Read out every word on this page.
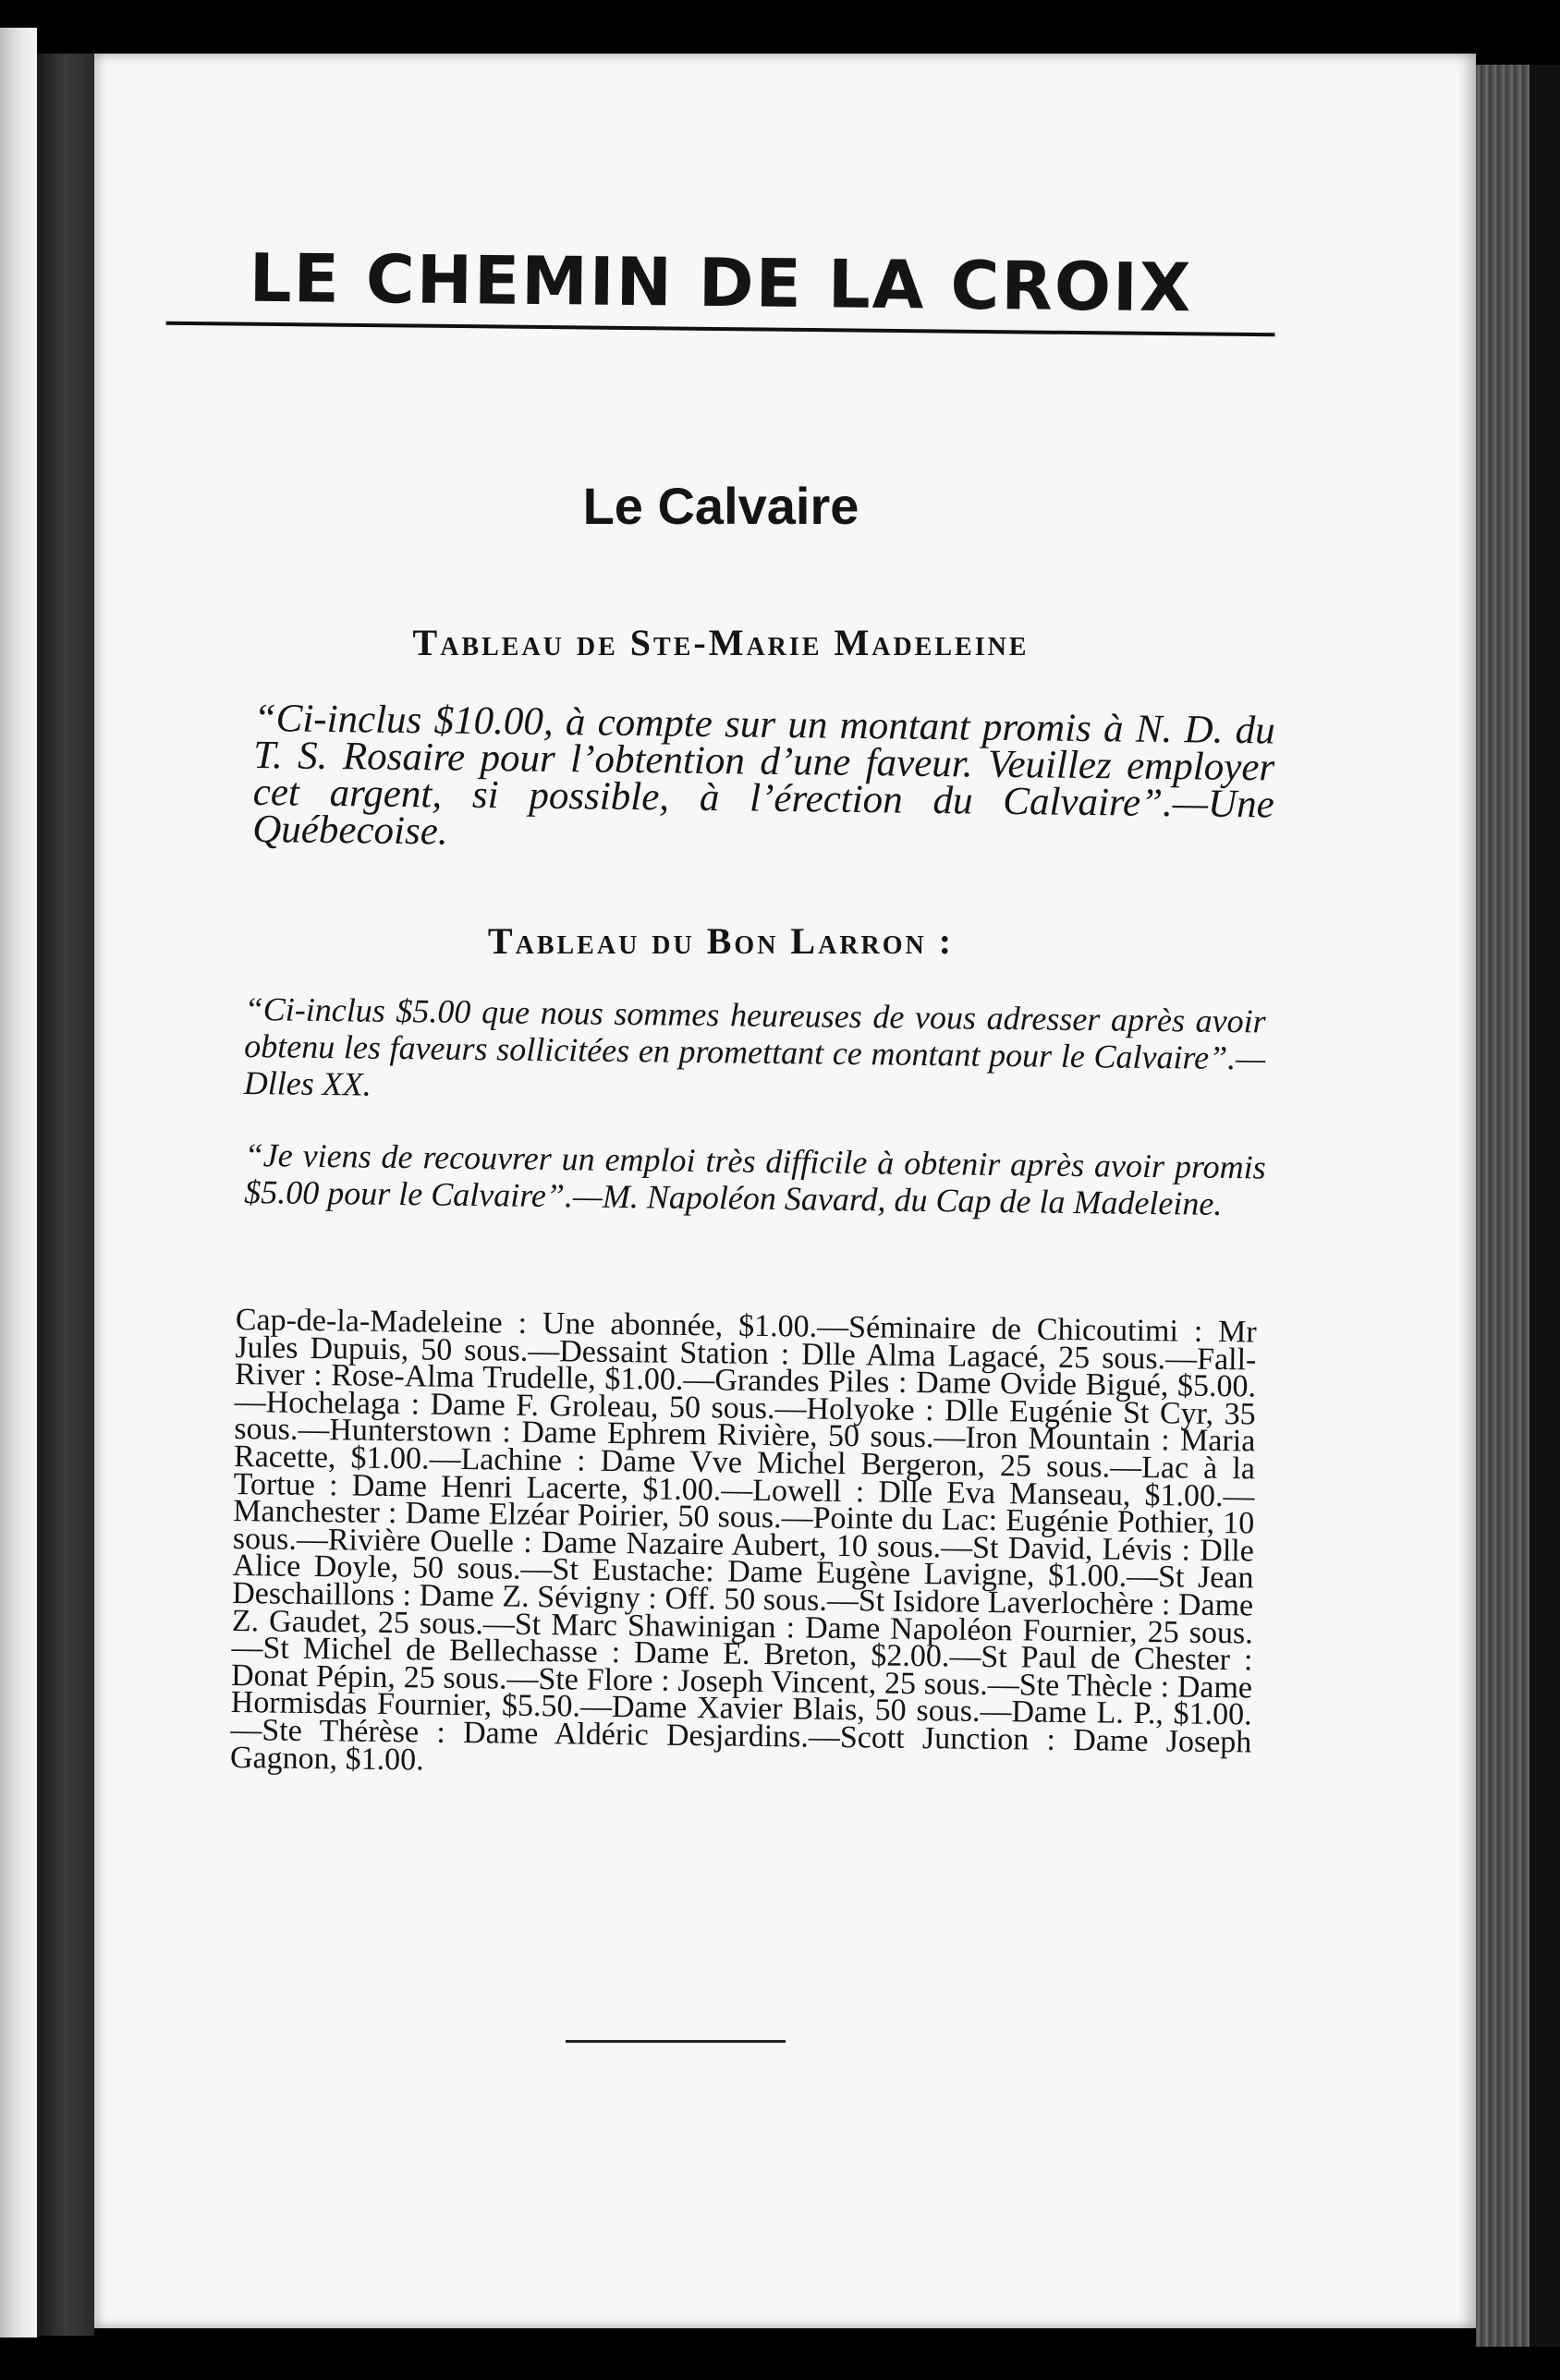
LE CHEMIN DE LA CROIX
Le Calvaire
Tableau de Ste-Marie Madeleine

“Ci-inclus $10.00, à compte sur un montant promis à N. D. du T. S. Rosaire pour l’obtention d’une faveur. Veuillez employer cet argent, si possible, à l’érection du Calvaire”.—Une Québecoise.

Tableau du Bon Larron :

“Ci-inclus $5.00 que nous sommes heureuses de vous adresser après avoir obtenu les faveurs sollicitées en promettant ce montant pour le Calvaire”.—Dlles XX.

“Je viens de recouvrer un emploi très difficile à obtenir après avoir promis $5.00 pour le Calvaire”.—M. Napoléon Savard, du Cap de la Madeleine.

Cap-de-la-Madeleine : Une abonnée, $1.00.—Séminaire de Chicoutimi : Mr Jules Dupuis, 50 sous.—Dessaint Station : Dlle Alma Lagacé, 25 sous.—Fall-River : Rose-Alma Trudelle, $1.00.—Grandes Piles : Dame Ovide Bigué, $5.00.—Hochelaga : Dame F. Groleau, 50 sous.—Holyoke : Dlle Eugénie St Cyr, 35 sous.—Hunterstown : Dame Ephrem Rivière, 50 sous.—Iron Mountain : Maria Racette, $1.00.—Lachine : Dame Vve Michel Bergeron, 25 sous.—Lac à la Tortue : Dame Henri Lacerte, $1.00.—Lowell : Dlle Eva Manseau, $1.00.—Manchester : Dame Elzéar Poirier, 50 sous.—Pointe du Lac: Eugénie Pothier, 10 sous.—Rivière Ouelle : Dame Nazaire Aubert, 10 sous.—St David, Lévis : Dlle Alice Doyle, 50 sous.—St Eustache: Dame Eugène Lavigne, $1.00.—St Jean Deschaillons : Dame Z. Sévigny : Off. 50 sous.—St Isidore Laverlochère : Dame Z. Gaudet, 25 sous.—St Marc Shawinigan : Dame Napoléon Fournier, 25 sous.—St Michel de Bellechasse : Dame E. Breton, $2.00.—St Paul de Chester : Donat Pépin, 25 sous.—Ste Flore : Joseph Vincent, 25 sous.—Ste Thècle : Dame Hormisdas Fournier, $5.50.—Dame Xavier Blais, 50 sous.—Dame L. P., $1.00.—Ste Thérèse : Dame Aldéric Desjardins.—Scott Junction : Dame Joseph Gagnon, $1.00.
